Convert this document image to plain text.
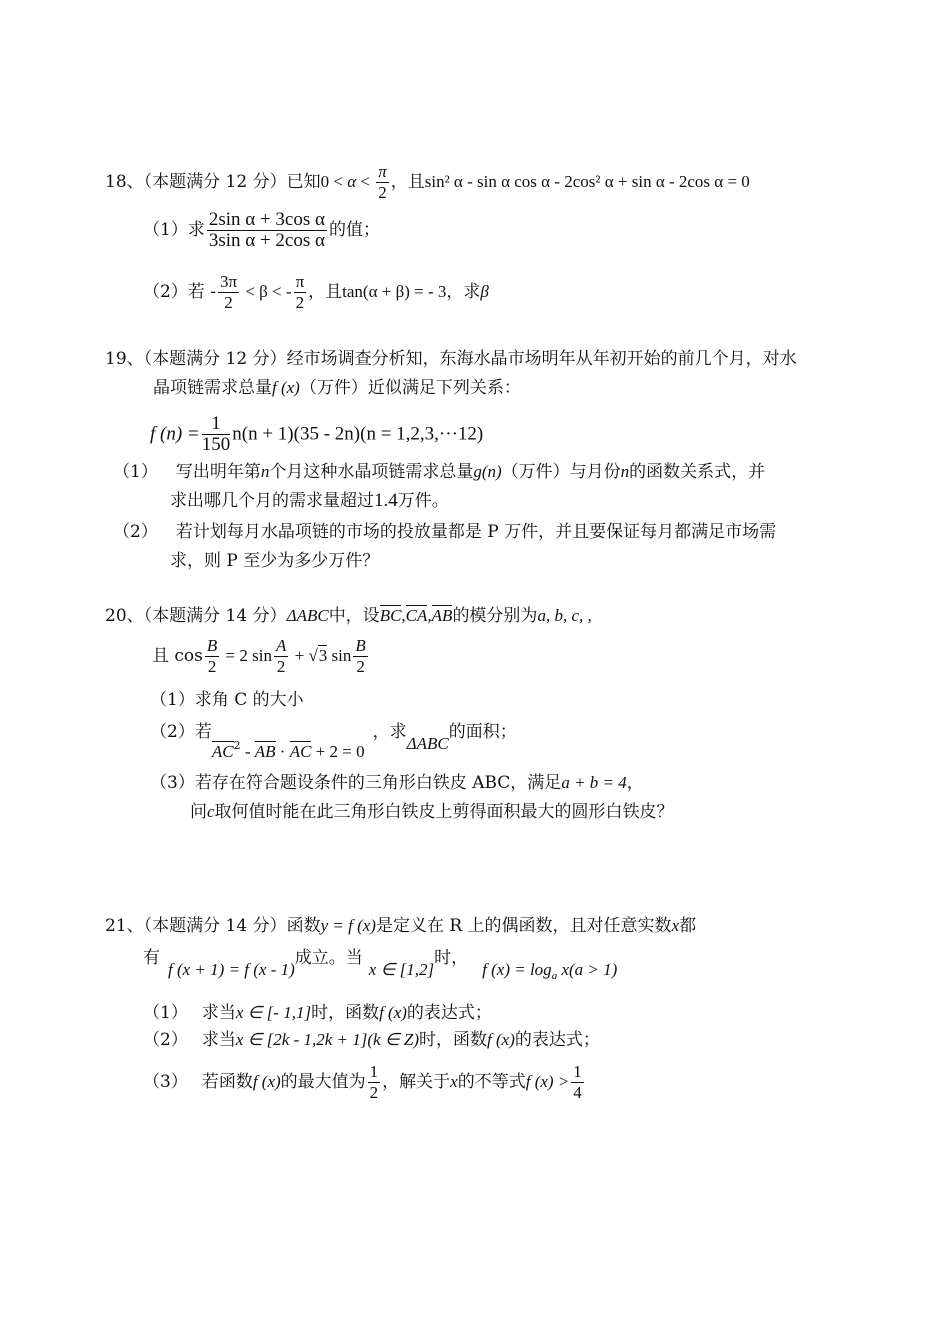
18、（本题满分 12 分）已知$0 < \alpha < \frac{\pi}{2}$ ，且sin² α - sin α cos α - 2cos² α + sin α - 2cos α = 0
（1）求 $\frac{\text{2sin α + 3cos α}}{\text{3sin α + 2cos α}}$ 的值；
（2）若 - $\frac{3\pi}{2} < \beta$ < - $\frac{\pi}{2}$ ，且tan(α + β) = - 3，求β
19、（本题满分 12 分）经市场调查分析知，东海水晶市场明年从年初开始的前几个月，对水
晶项链需求总量f (x)（万件）近似满足下列关系：
f $(n) = \frac{1}{150} n(n + 1)(35 - 2n)(n = 1,2,3,\cdot\cdot\cdot 12)$
（1） 写出明年第n个月这种水晶项链需求总量g(n)（万件）与月份n的函数关系式，并
求出哪几个月的需求量超过1.4万件。
（2） 若计划每月水晶项链的市场的投放量都是 P 万件，并且要保证每月都满足市场需
求，则 P 至少为多少万件？
20、（本题满分 14 分）ΔABC中，设BC,CA,AB的模分别为a, b, c, ,
且 $\cos \frac{B}{2} = 2$ $\sin \frac{A}{2} + √3$ $\sin \frac{B}{2}$
（1）求角 C 的大小
（2）若$AC^2$ - AB · AC + 2 = 0，求ΔABC的面积；
（3）若存在符合题设条件的三角形白铁皮 ABC，满足a + b = 4，
问c取何值时能在此三角形白铁皮上剪得面积最大的圆形白铁皮？
21、（本题满分 14 分）函数y = f (x)是定义在 R 上的偶函数，且对任意实数x都
有f (x + 1) = f (x - 1)成立。当x ∈ [1,2]时，f $(x) = \log_a x(a > 1)$
（1） 求当x ∈ [- 1,1]时，函数f (x)的表达式；
（2） 求当x ∈ [2k - 1,2k + 1](k ∈ Z)时，函数f (x)的表达式；
（3） 若函数f (x)的最大值为 $\frac{1}{2}$ ，解关于x的不等式f $(x) > \frac{1}{4}$
